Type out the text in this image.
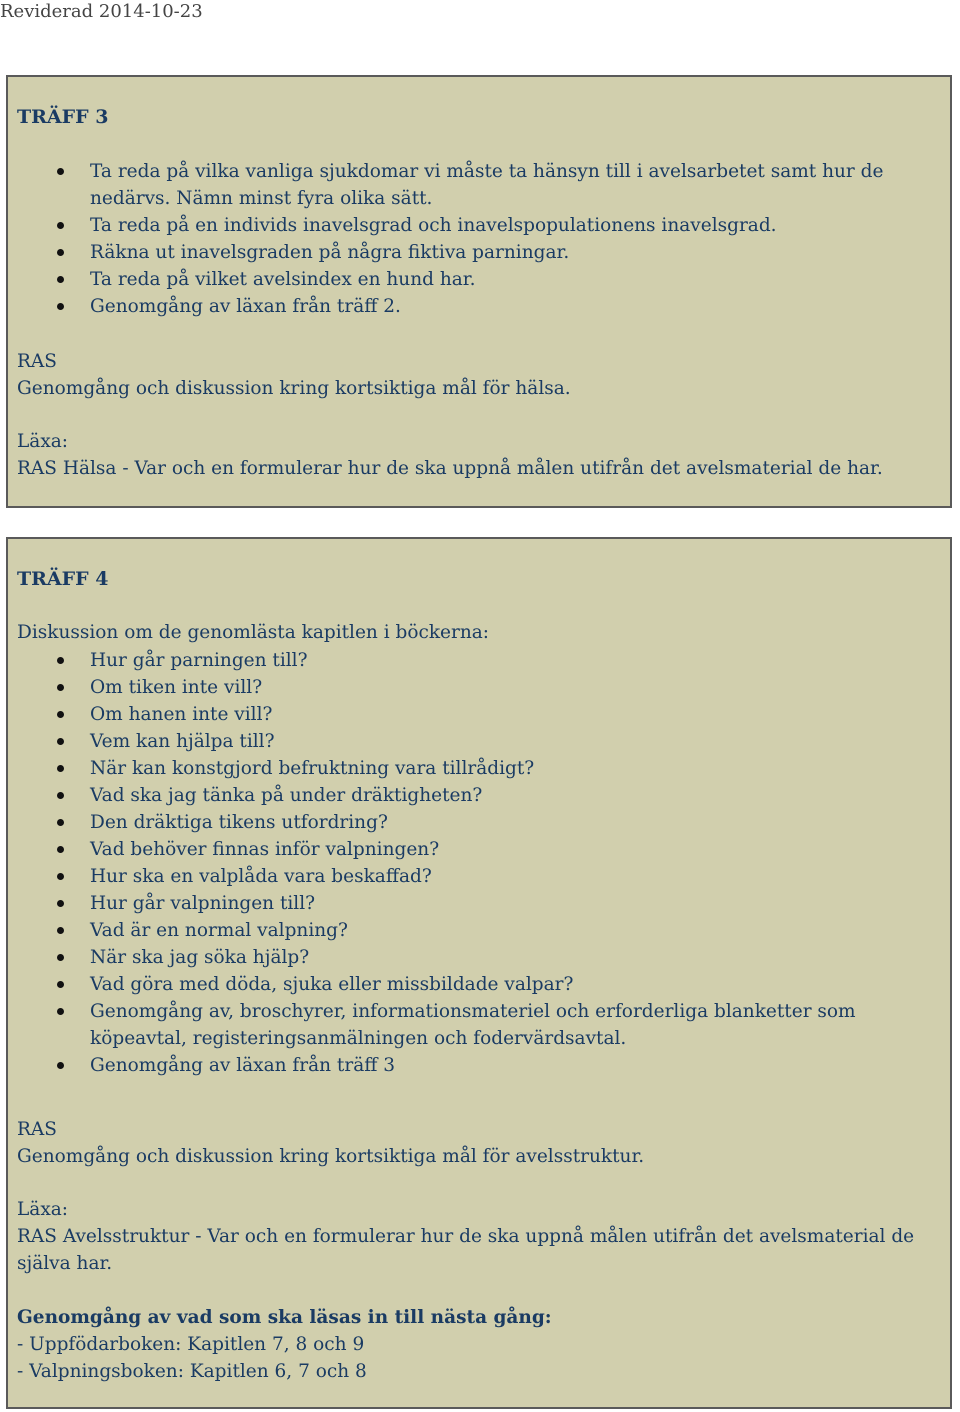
Reviderad 2014-10-23
TRÄFF 3
Ta reda på vilka vanliga sjukdomar vi måste ta hänsyn till i avelsarbetet samt hur de
nedärvs. Nämn minst fyra olika sätt.
Ta reda på en individs inavelsgrad och inavelspopulationens inavelsgrad.
Räkna ut inavelsgraden på några fiktiva parningar.
Ta reda på vilket avelsindex en hund har.
Genomgång av läxan från träff 2.
RAS
Genomgång och diskussion kring kortsiktiga mål för hälsa.
Läxa:
RAS Hälsa - Var och en formulerar hur de ska uppnå målen utifrån det avelsmaterial de har.
TRÄFF 4
Diskussion om de genomlästa kapitlen i böckerna:
Hur går parningen till?
Om tiken inte vill?
Om hanen inte vill?
Vem kan hjälpa till?
När kan konstgjord befruktning vara tillrådigt?
Vad ska jag tänka på under dräktigheten?
Den dräktiga tikens utfordring?
Vad behöver finnas inför valpningen?
Hur ska en valplåda vara beskaffad?
Hur går valpningen till?
Vad är en normal valpning?
När ska jag söka hjälp?
Vad göra med döda, sjuka eller missbildade valpar?
Genomgång av, broschyrer, informationsmateriel och erforderliga blanketter som
köpeavtal, registeringsanmälningen och fodervärdsavtal.
Genomgång av läxan från träff 3
RAS
Genomgång och diskussion kring kortsiktiga mål för avelsstruktur.
Läxa:
RAS Avelsstruktur - Var och en formulerar hur de ska uppnå målen utifrån det avelsmaterial de
själva har.
Genomgång av vad som ska läsas in till nästa gång:
- Uppfödarboken: Kapitlen 7, 8 och 9
- Valpningsboken: Kapitlen 6, 7 och 8
